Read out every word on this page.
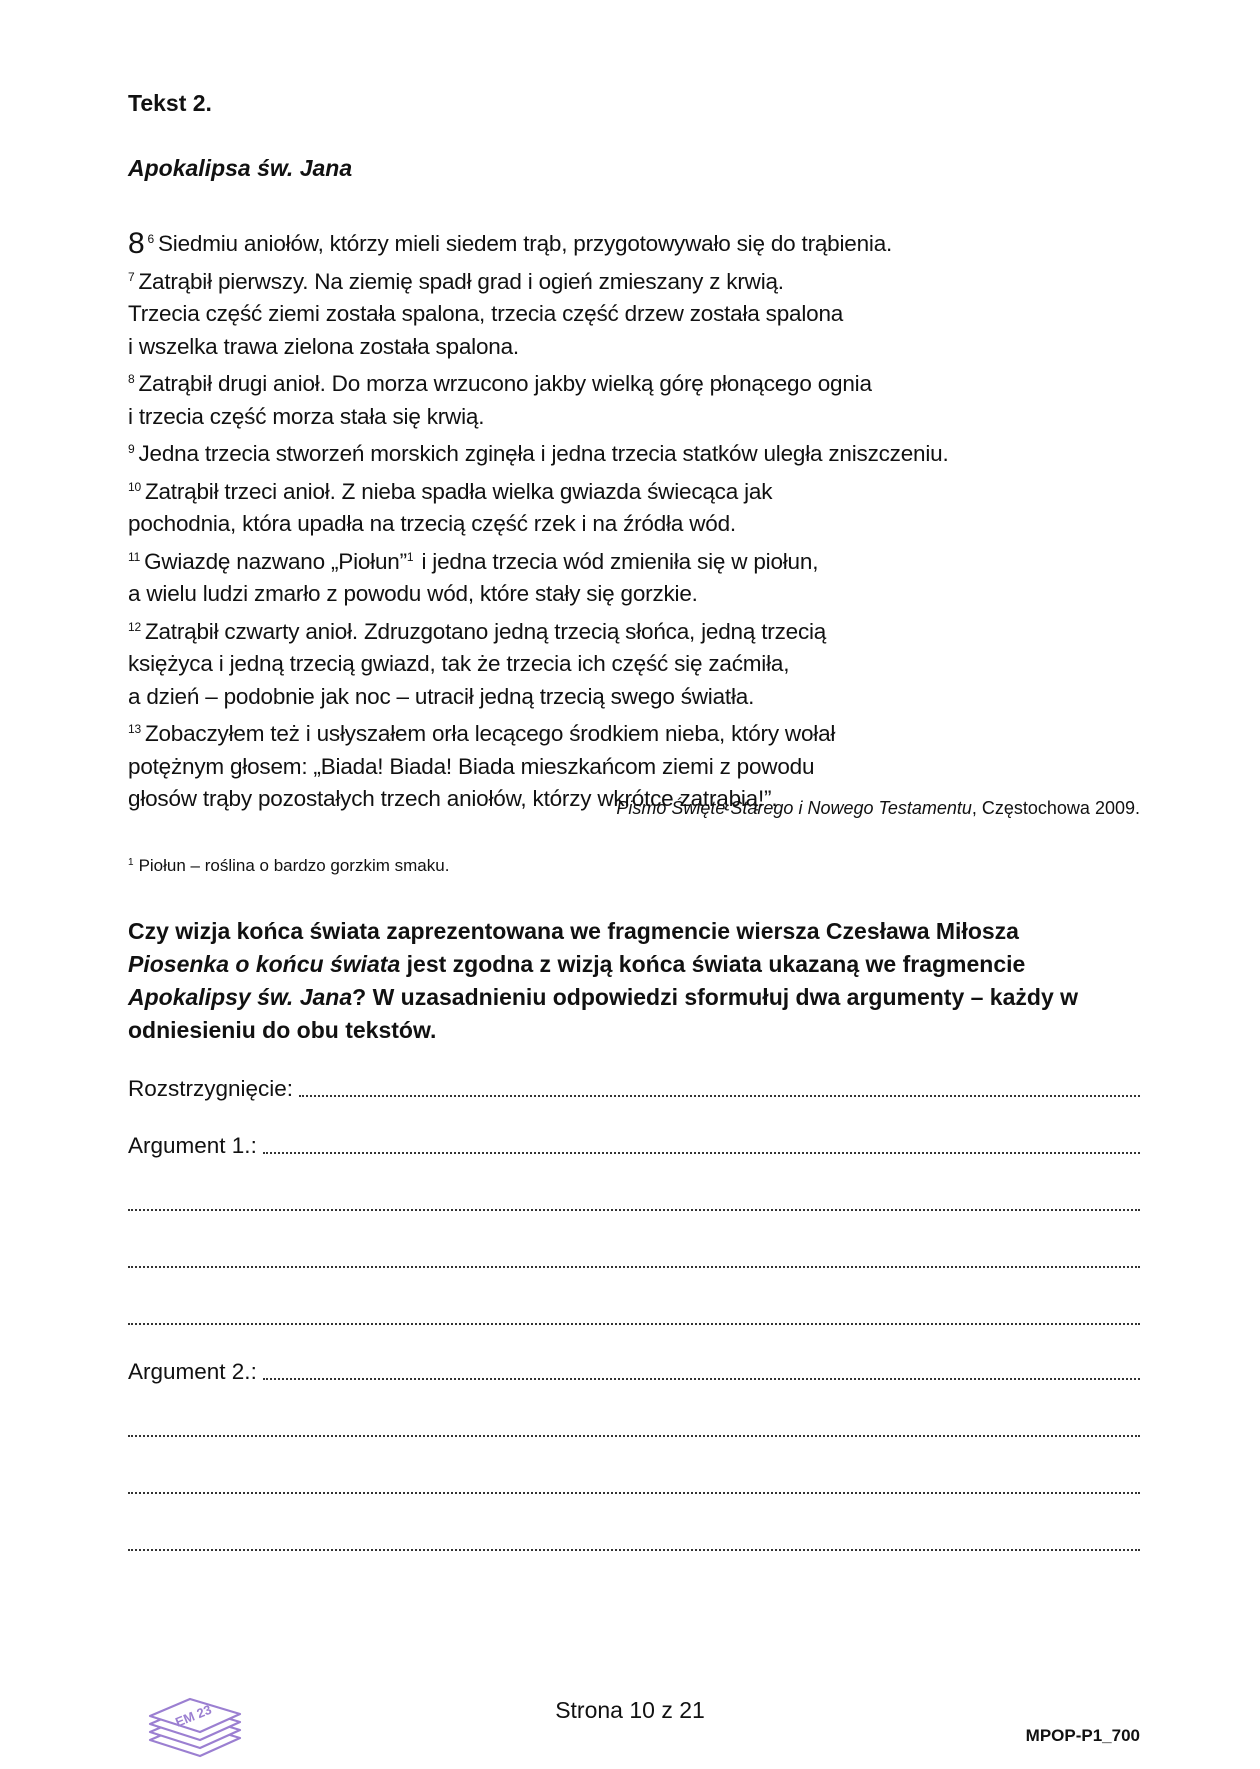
Tekst 2.
Apokalipsa św. Jana
8 $^6$ Siedmiu aniołów, którzy mieli siedem trąb, przygotowywało się do trąbienia.
$^7$ Zatrąbił pierwszy. Na ziemię spadł grad i ogień zmieszany z krwią.
Trzecia część ziemi została spalona, trzecia część drzew została spalona
i wszelka trawa zielona została spalona.
$^8$ Zatrąbił drugi anioł. Do morza wrzucono jakby wielką górę płonącego ognia
i trzecia część morza stała się krwią.
$^9$ Jedna trzecia stworzeń morskich zginęła i jedna trzecia statków uległa zniszczeniu.
$^{10}$ Zatrąbił trzeci anioł. Z nieba spadła wielka gwiazda świecąca jak
pochodnia, która upadła na trzecią część rzek i na źródła wód.
$^{11}$ Gwiazdę nazwano „Piołun”$^1$ i jedna trzecia wód zmieniła się w piołun,
a wielu ludzi zmarło z powodu wód, które stały się gorzkie.
$^{12}$ Zatrąbił czwarty anioł. Zdruzgotano jedną trzecią słońca, jedną trzecią
księżyca i jedną trzecią gwiazd, tak że trzecia ich część się zaćmiła,
a dzień – podobnie jak noc – utracił jedną trzecią swego światła.
$^{13}$ Zobaczyłem też i usłyszałem orła lecącego środkiem nieba, który wołał
potężnym głosem: „Biada! Biada! Biada mieszkańcom ziemi z powodu
głosów trąby pozostałych trzech aniołów, którzy wkrótce zatrąbią!”.
Pismo Święte Starego i Nowego Testamentu, Częstochowa 2009.
$^1$ Piołun – roślina o bardzo gorzkim smaku.
Czy wizja końca świata zaprezentowana we fragmencie wiersza Czesława Miłosza
Piosenka o końcu świata jest zgodna z wizją końca świata ukazaną we fragmencie
Apokalipsy św. Jana? W uzasadnieniu odpowiedzi sformułuj dwa argumenty – każdy w odniesieniu do obu tekstów.
Rozstrzygnięcie:
Argument 1.:
Argument 2.:
EM 23	Strona 10 z 21
MPOP-P1_700
